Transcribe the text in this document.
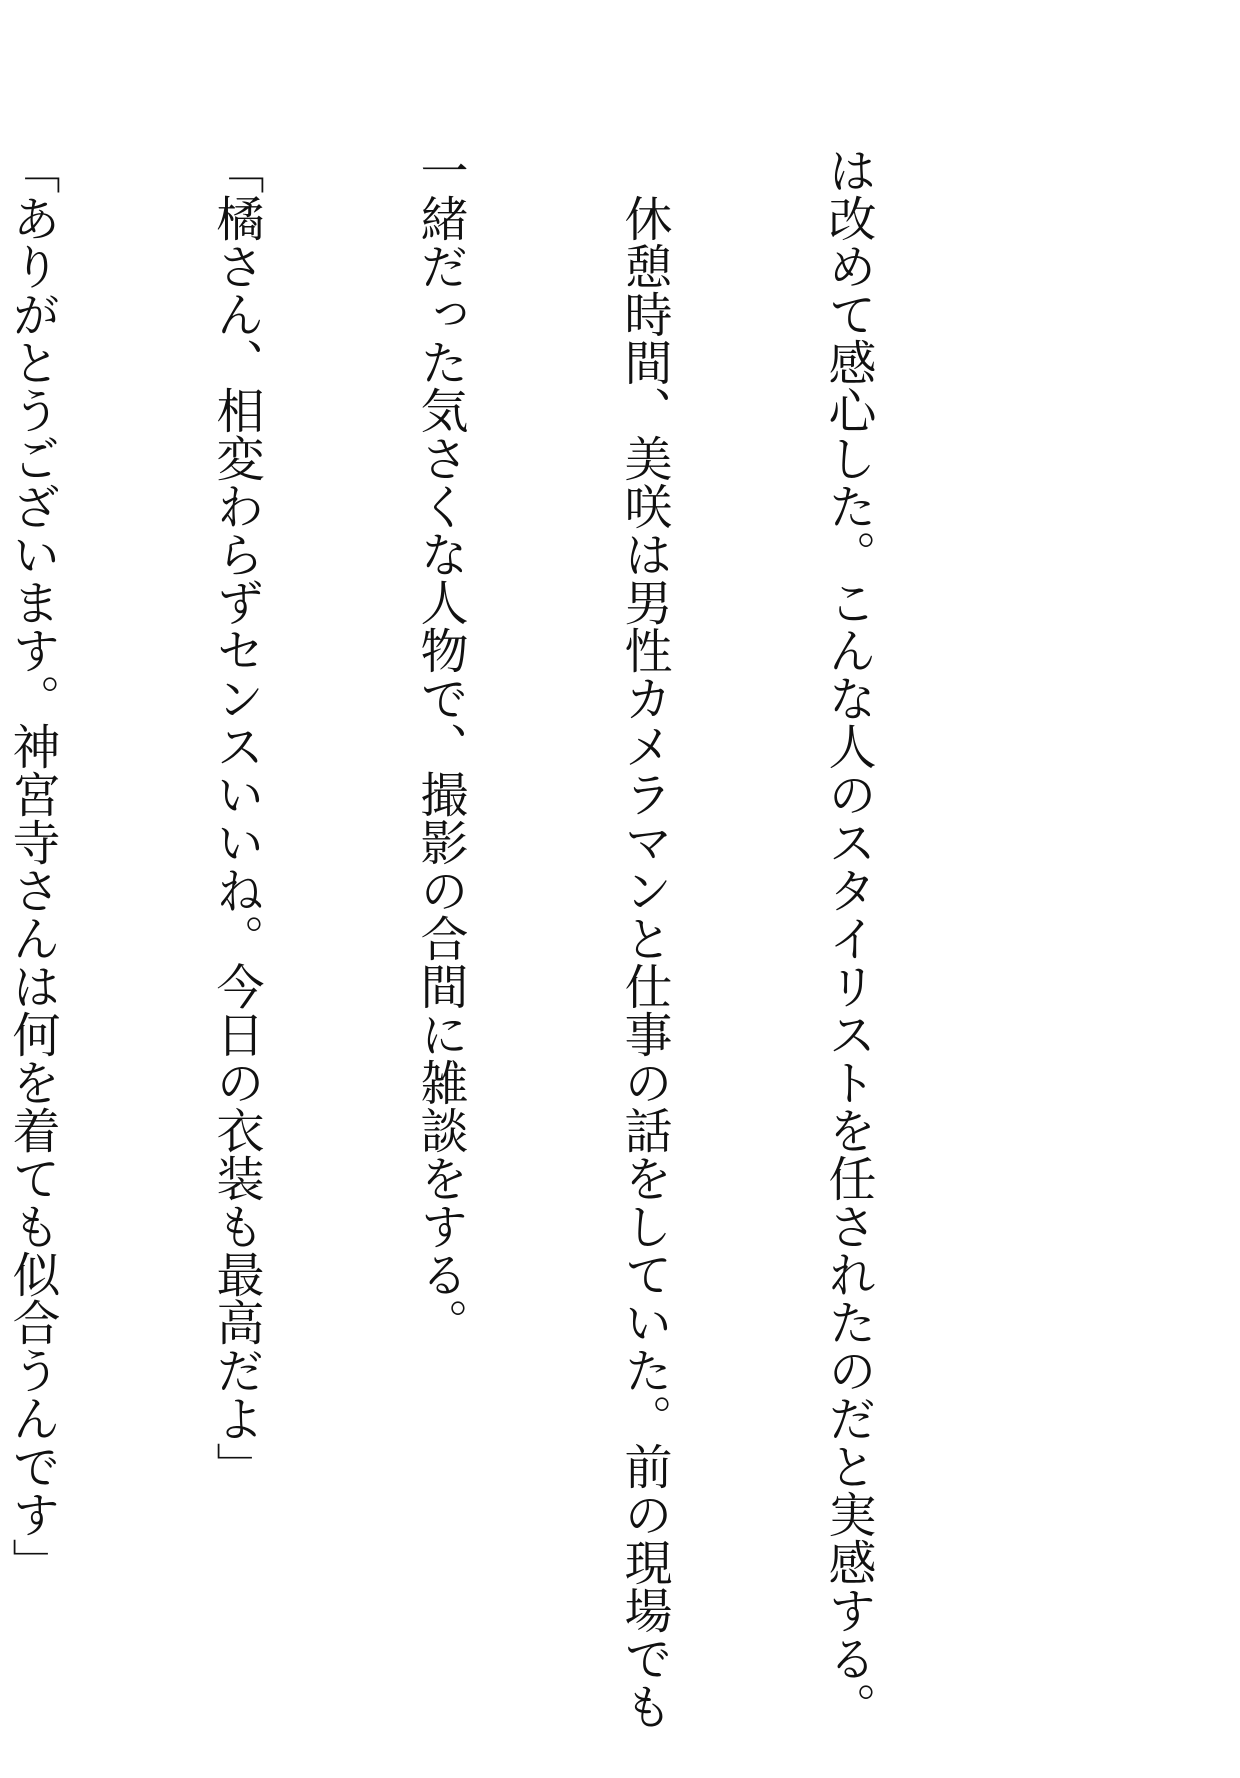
は改めて感心した。こんな人のスタイリストを任されたのだと実感する。

　休憩時間、美咲は男性カメラマンと仕事の話をしていた。前の現場でも

一緒だった気さくな人物で、撮影の合間に雑談をする。

「橘さん、相変わらずセンスいいね。今日の衣装も最高だよ」

「ありがとうございます。神宮寺さんは何を着ても似合うんです」
